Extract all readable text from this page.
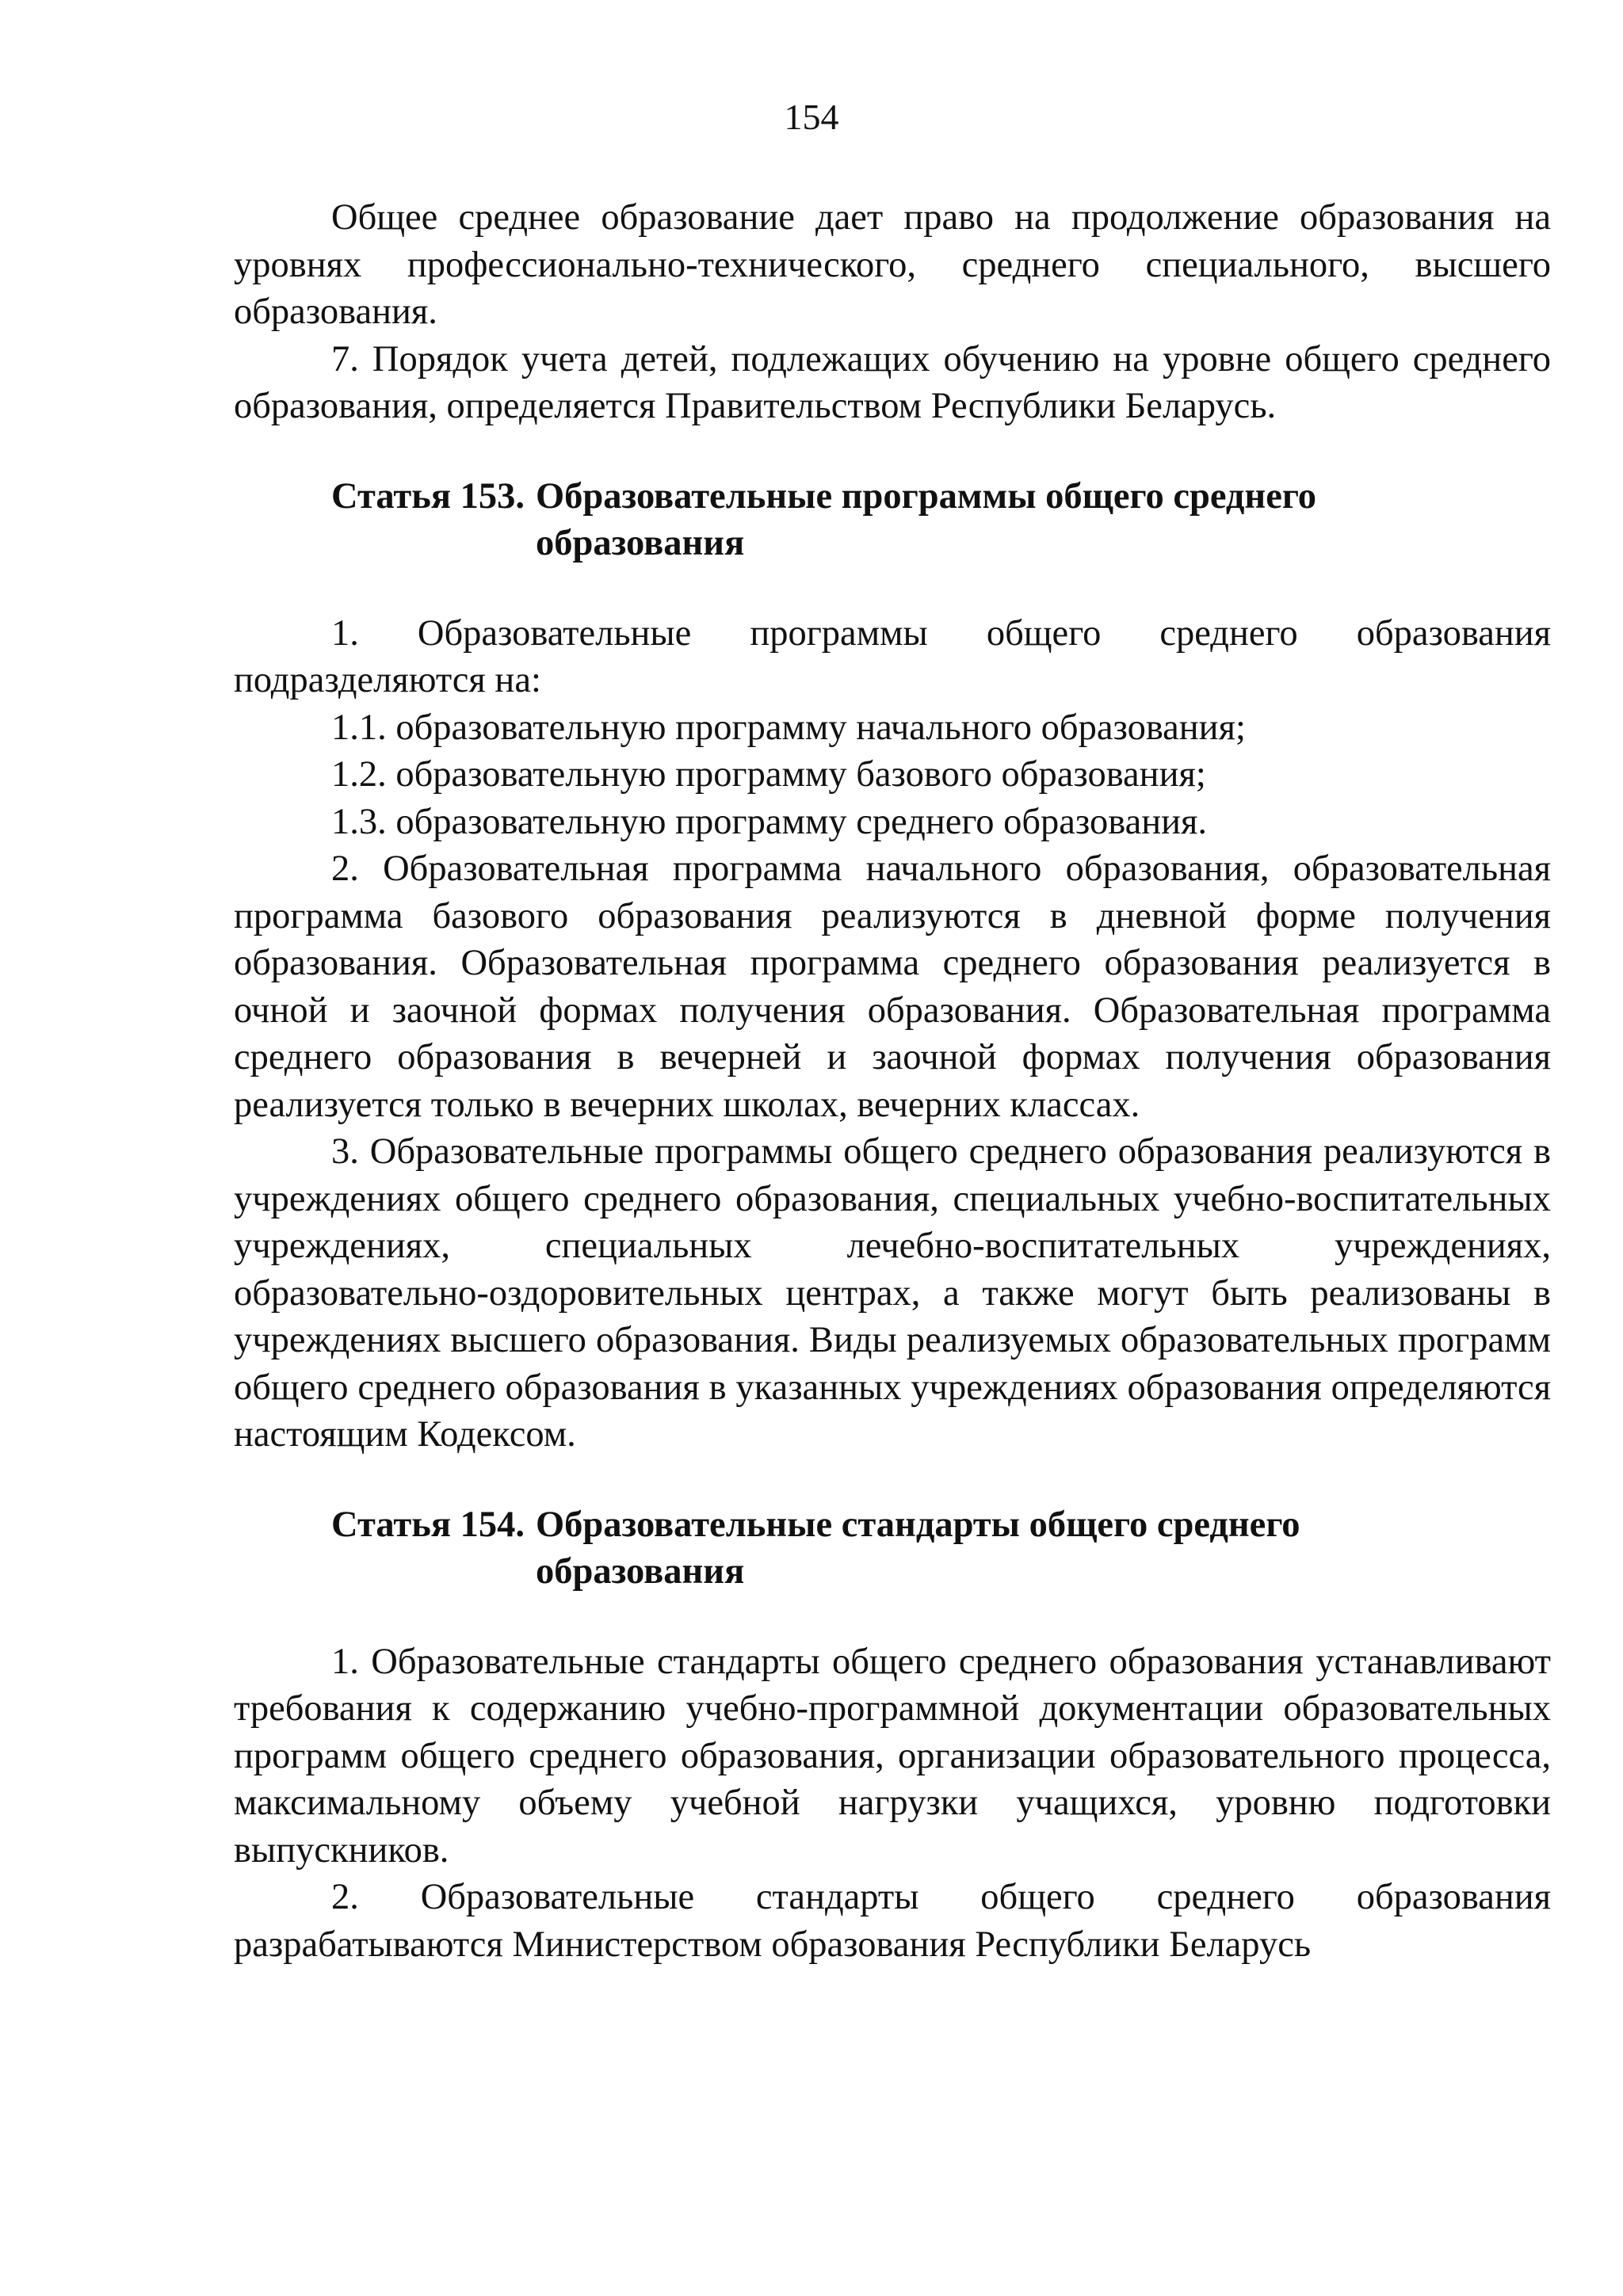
154

Общее среднее образование дает право на продолжение образования на уровнях профессионально-технического, среднего специального, высшего образования.

7. Порядок учета детей, подлежащих обучению на уровне общего среднего образования, определяется Правительством Республики Беларусь.

Статья 153. Образовательные программы общего среднего образования

1. Образовательные программы общего среднего образования подразделяются на:

1.1. образовательную программу начального образования;

1.2. образовательную программу базового образования;

1.3. образовательную программу среднего образования.

2. Образовательная программа начального образования, образовательная программа базового образования реализуются в дневной форме получения образования. Образовательная программа среднего образования реализуется в очной и заочной формах получения образования. Образовательная программа среднего образования в вечерней и заочной формах получения образования реализуется только в вечерних школах, вечерних классах.

3. Образовательные программы общего среднего образования реализуются в учреждениях общего среднего образования, специальных учебно-воспитательных учреждениях, специальных лечебно-воспитательных учреждениях, образовательно-оздоровительных центрах, а также могут быть реализованы в учреждениях высшего образования. Виды реализуемых образовательных программ общего среднего образования в указанных учреждениях образования определяются настоящим Кодексом.

Статья 154. Образовательные стандарты общего среднего образования

1. Образовательные стандарты общего среднего образования устанавливают требования к содержанию учебно-программной документации образовательных программ общего среднего образования, организации образовательного процесса, максимальному объему учебной нагрузки учащихся, уровню подготовки выпускников.

2. Образовательные стандарты общего среднего образования разрабатываются Министерством образования Республики Беларусь
